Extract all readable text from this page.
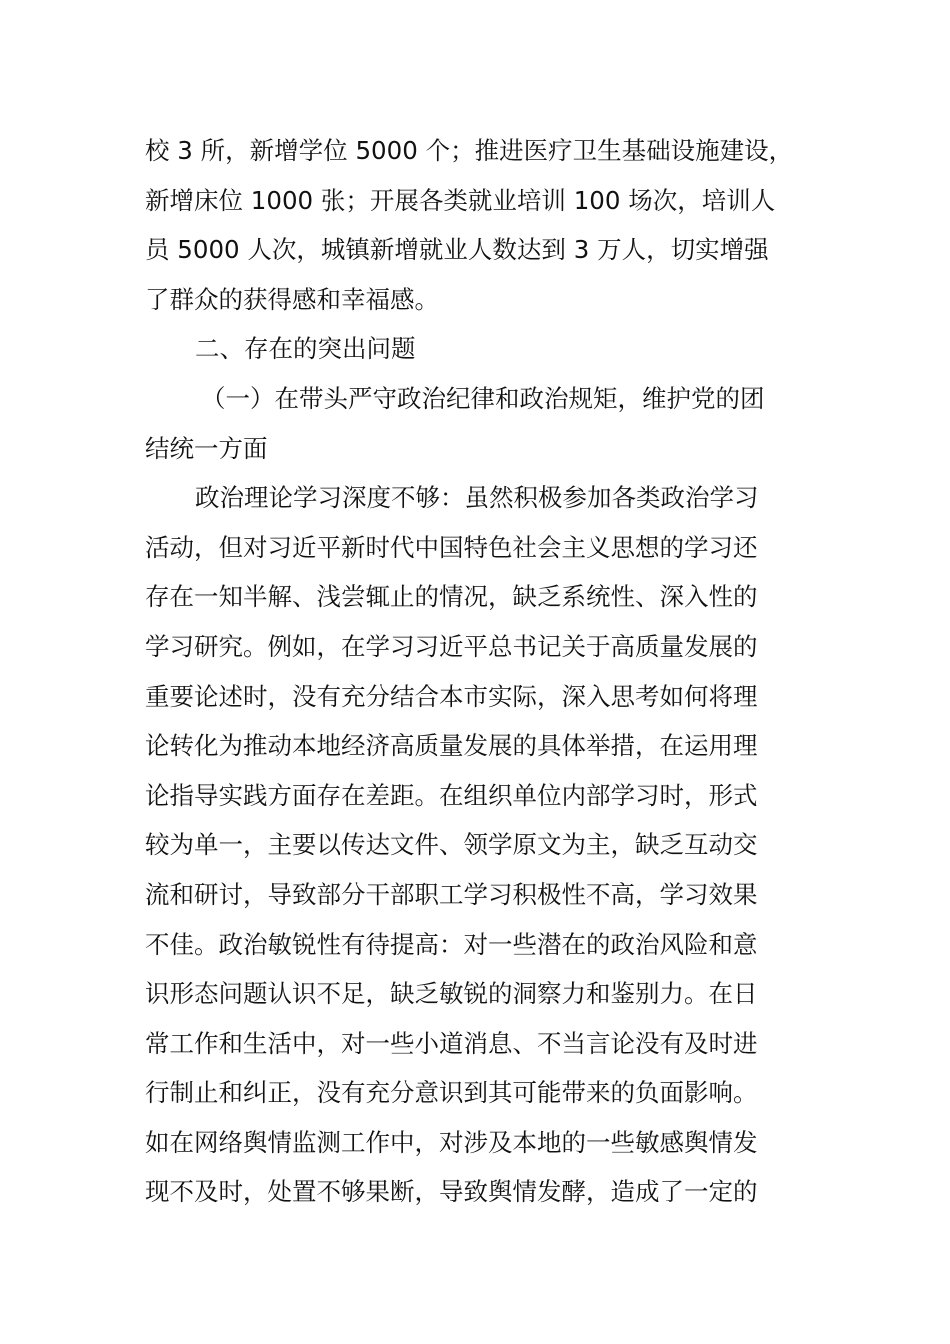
校 3 所，新增学位 5000 个；推进医疗卫生基础设施建设，
新增床位 1000 张；开展各类就业培训 100 场次，培训人
员 5000 人次，城镇新增就业人数达到 3 万人，切实增强
了群众的获得感和幸福感。
二、存在的突出问题
（一）在带头严守政治纪律和政治规矩，维护党的团
结统一方面
政治理论学习深度不够：虽然积极参加各类政治学习
活动，但对习近平新时代中国特色社会主义思想的学习还
存在一知半解、浅尝辄止的情况，缺乏系统性、深入性的
学习研究。例如，在学习习近平总书记关于高质量发展的
重要论述时，没有充分结合本市实际，深入思考如何将理
论转化为推动本地经济高质量发展的具体举措，在运用理
论指导实践方面存在差距。在组织单位内部学习时，形式
较为单一，主要以传达文件、领学原文为主，缺乏互动交
流和研讨，导致部分干部职工学习积极性不高，学习效果
不佳。政治敏锐性有待提高：对一些潜在的政治风险和意
识形态问题认识不足，缺乏敏锐的洞察力和鉴别力。在日
常工作和生活中，对一些小道消息、不当言论没有及时进
行制止和纠正，没有充分意识到其可能带来的负面影响。
如在网络舆情监测工作中，对涉及本地的一些敏感舆情发
现不及时，处置不够果断，导致舆情发酵，造成了一定的
